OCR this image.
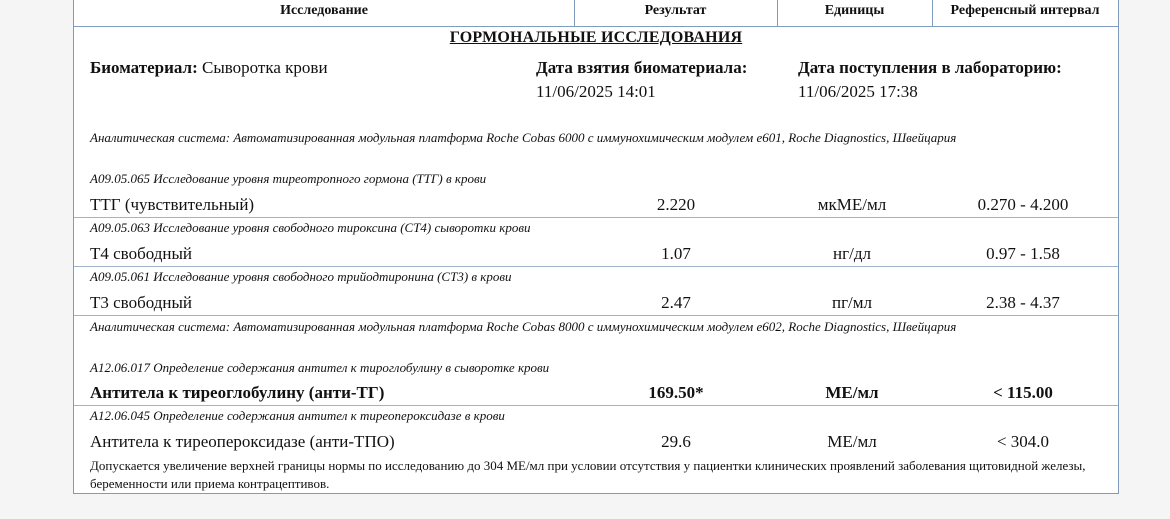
Исследование	Результат	Единицы	Референсный интервал
ГОРМОНАЛЬНЫЕ ИССЛЕДОВАНИЯ
Биоматериал: Сыворотка крови	Дата взятия биоматериала:
11/06/2025 14:01
Дата поступления в лабораторию:
11/06/2025 17:38
Аналитическая система: Автоматизированная модульная платформа Roche Cobas 6000 с иммунохимическим модулем е601, Roche Diagnostics, Швейцария
A09.05.065 Исследование уровня тиреотропного гормона (ТТГ) в крови
ТТГ (чувствительный)	2.220	мкМЕ/мл	0.270 - 4.200
A09.05.063 Исследование уровня свободного тироксина (СТ4) сыворотки крови
Т4 свободный	1.07	нг/дл	0.97 - 1.58
A09.05.061 Исследование уровня свободного трийодтиронина (СТ3) в крови
Т3 свободный	2.47	пг/мл	2.38 - 4.37
Аналитическая система: Автоматизированная модульная платформа Roche Cobas 8000 с иммунохимическим модулем е602, Roche Diagnostics, Швейцария
A12.06.017 Определение содержания антител к тироглобулину в сыворотке крови
Антитела к тиреоглобулину (анти-ТГ)	169.50*	МЕ/мл	< 115.00
A12.06.045 Определение содержания антител к тиреопероксидазе в крови
Антитела к тиреопероксидазе (анти-ТПО)	29.6	МЕ/мл	< 304.0
Допускается увеличение верхней границы нормы по исследованию до 304 МЕ/мл при условии отсутствия у пациентки клинических проявлений заболевания щитовидной железы, беременности или приема контрацептивов.
